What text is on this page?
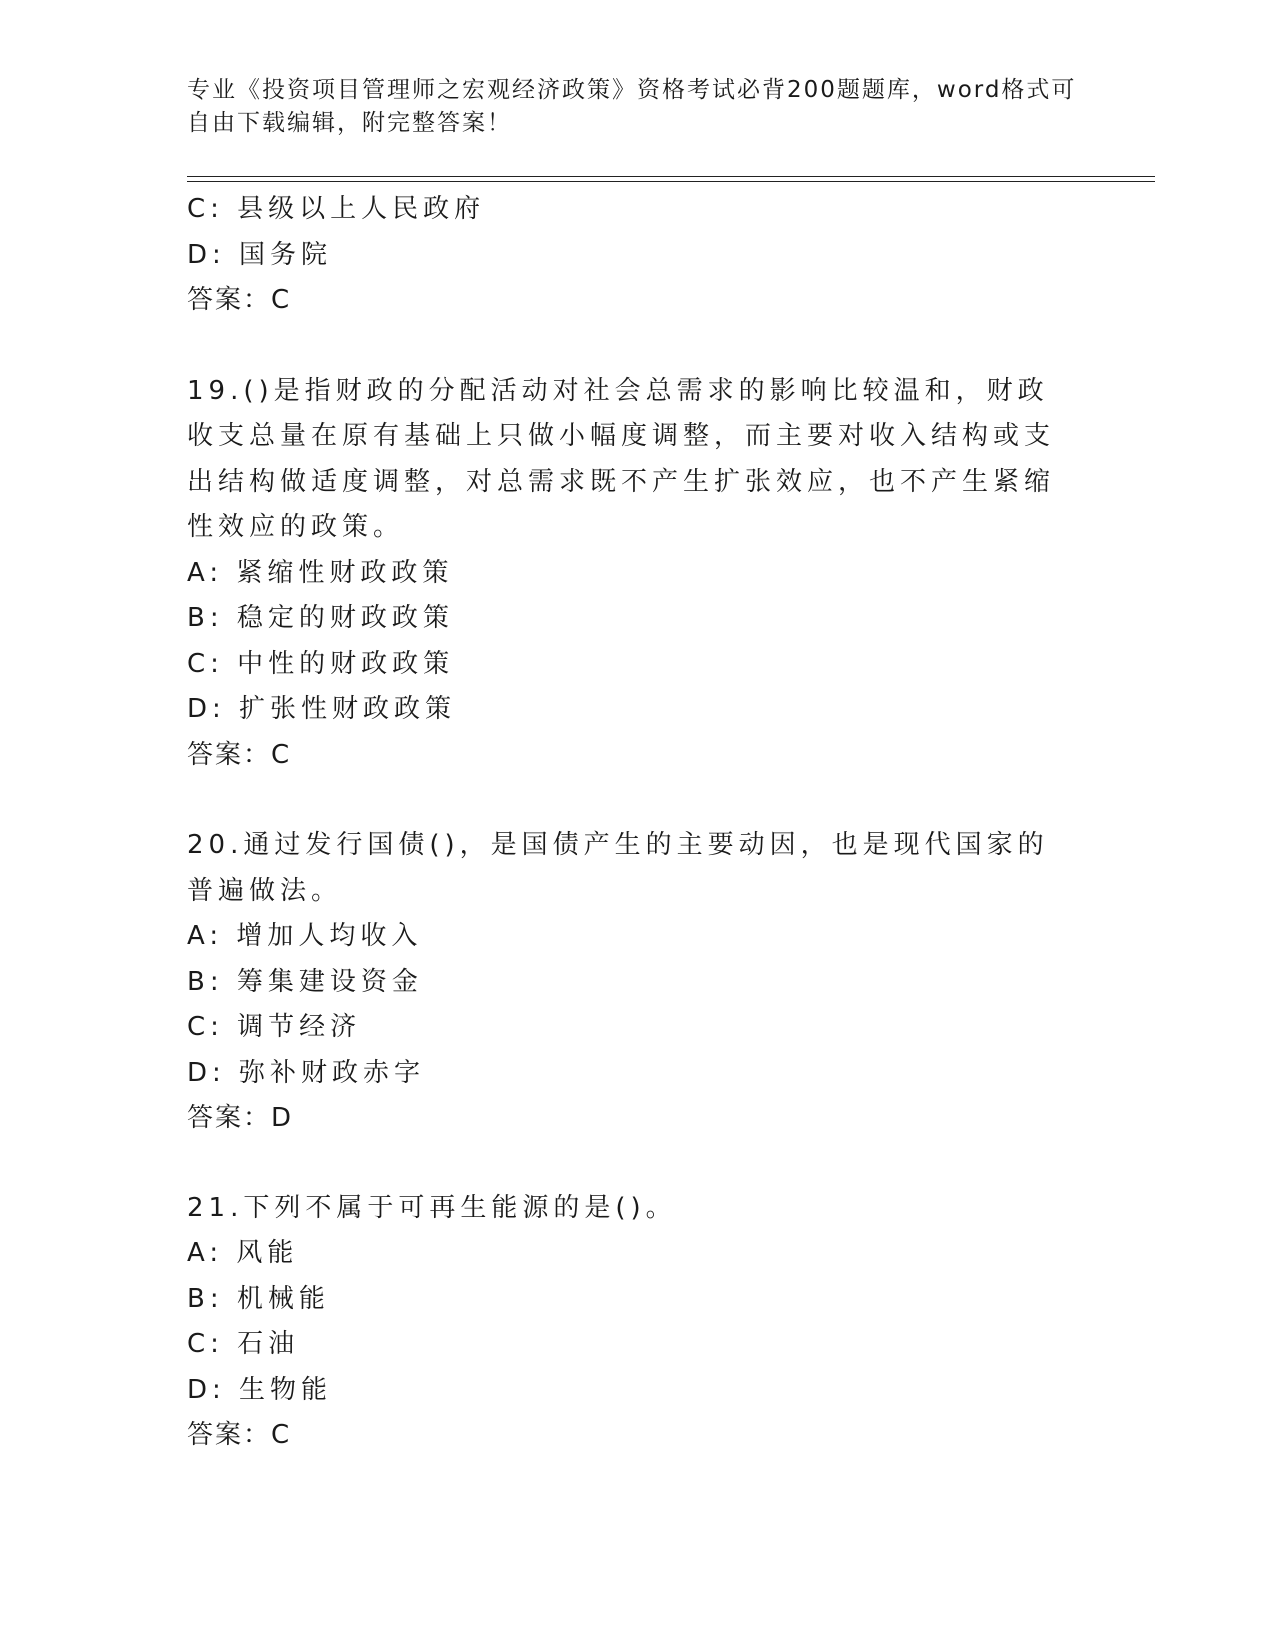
专业《投资项目管理师之宏观经济政策》资格考试必背200题题库，word格式可自由下载编辑，附完整答案！
C: 县级以上人民政府
D: 国务院
答案：C
19.()是指财政的分配活动对社会总需求的影响比较温和，财政收支总量在原有基础上只做小幅度调整，而主要对收入结构或支出结构做适度调整，对总需求既不产生扩张效应，也不产生紧缩性效应的政策。
A: 紧缩性财政政策
B: 稳定的财政政策
C: 中性的财政政策
D: 扩张性财政政策
答案：C
20.通过发行国债()，是国债产生的主要动因，也是现代国家的普遍做法。
A: 增加人均收入
B: 筹集建设资金
C: 调节经济
D: 弥补财政赤字
答案：D
21.下列不属于可再生能源的是()。
A: 风能
B: 机械能
C: 石油
D: 生物能
答案：C
